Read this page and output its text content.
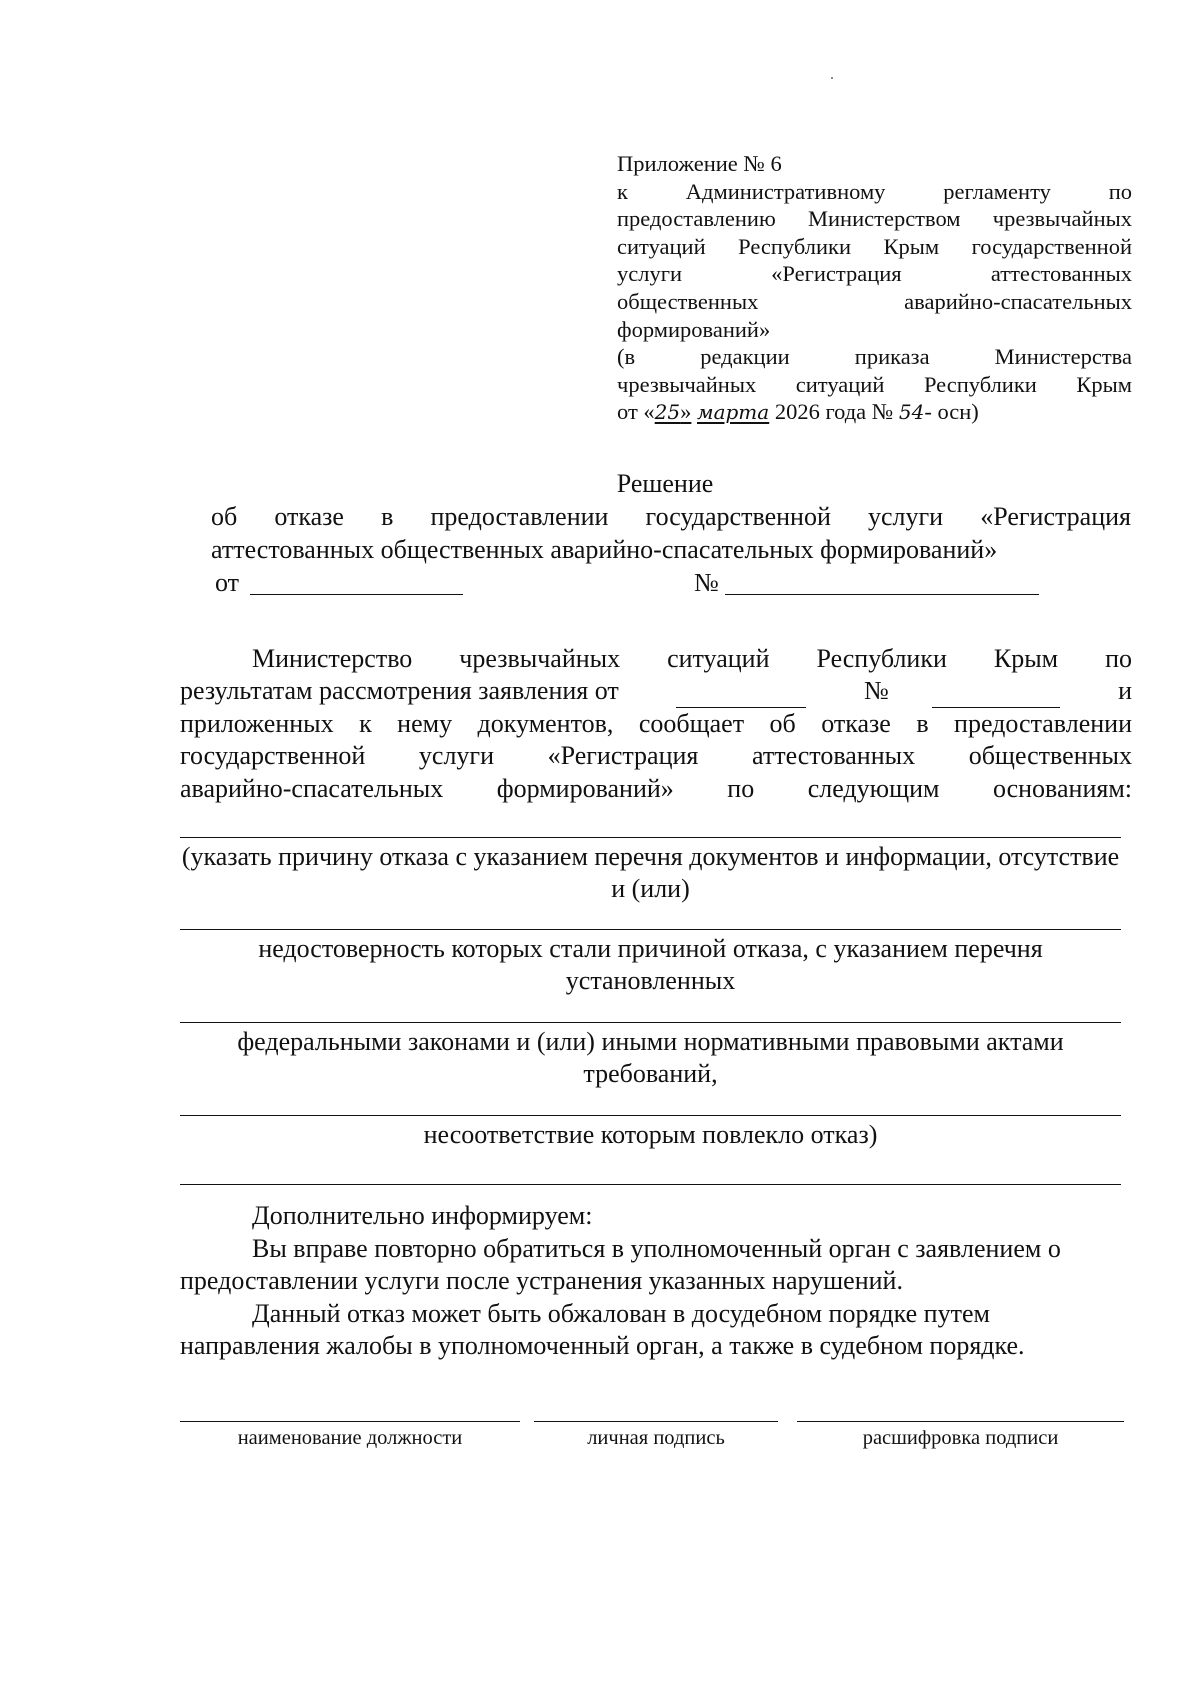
Приложение № 6
к Административному регламенту по
предоставлению Министерством чрезвычайных
ситуаций Республики Крым государственной
услуги «Регистрация аттестованных
общественных аварийно-спасательных
формирований»
(в редакции приказа Министерства
чрезвычайных ситуаций Республики Крым
от «25» марта 2026 года № 54- осн)
Решение
об отказе в предоставлении государственной услуги «Регистрация
аттестованных общественных аварийно-спасательных формирований»
от	№
Министерство чрезвычайных ситуаций Республики Крым по
результатам рассмотрения заявления от	№	и
приложенных к нему документов, сообщает об отказе в предоставлении
государственной услуги «Регистрация аттестованных общественных
аварийно-спасательных формирований» по следующим основаниям:
(указать причину отказа с указанием перечня документов и информации, отсутствие и (или)
недостоверность которых стали причиной отказа, с указанием перечня установленных
федеральными законами и (или) иными нормативными правовыми актами требований,
несоответствие которым повлекло отказ)

Дополнительно информируем:

Вы вправе повторно обратиться в уполномоченный орган с заявлением о предоставлении услуги после устранения указанных нарушений.

Данный отказ может быть обжалован в досудебном порядке путем направления жалобы в уполномоченный орган, а также в судебном порядке.

наименование должности	личная подпись	расшифровка подписи
